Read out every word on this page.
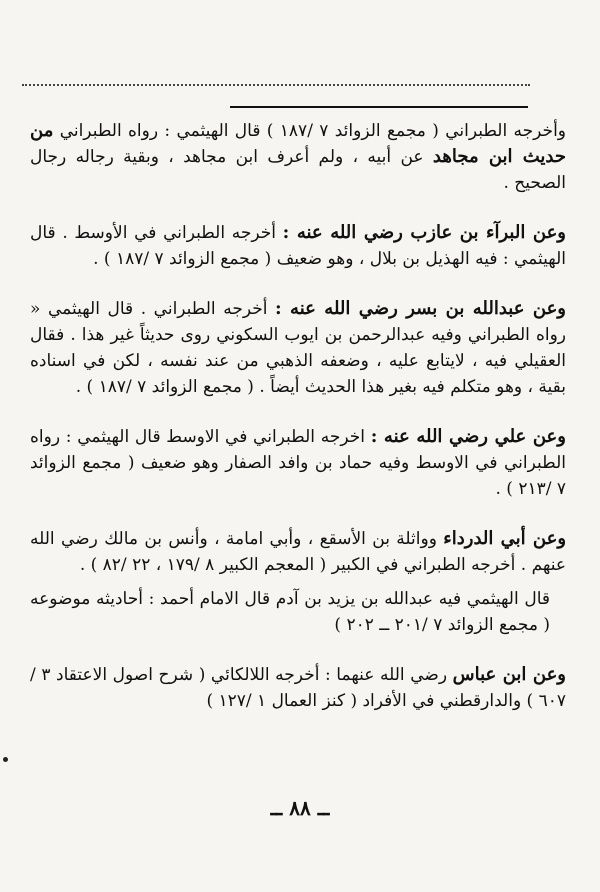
وأخرجه الطبراني ( مجمع الزوائد ٧ /١٨٧ ) قال الهيثمي : رواه الطبراني من حديث ابن مجاهد عن أبيه ، ولم أعرف ابن مجاهد ، وبقية رجاله رجال الصحيح .

وعن البرآء بن عازب رضي الله عنه : أخرجه الطبراني في الأوسط . قال الهيثمي : فيه الهذيل بن بلال ، وهو ضعيف ( مجمع الزوائد ٧ /١٨٧ ) .

وعن عبدالله بن بسر رضي الله عنه : أخرجه الطبراني . قال الهيثمي « رواه الطبراني وفيه عبدالرحمن بن ايوب السكوني روى حديثاً غير هذا . فقال العقيلي فيه ، لايتابع عليه ، وضعفه الذهبي من عند نفسه ، لكن في اسناده بقية ، وهو متكلم فيه بغير هذا الحديث أيضاً . ( مجمع الزوائد ٧ /١٨٧ ) .

وعن علي رضي الله عنه : اخرجه الطبراني في الاوسط قال الهيثمي : رواه الطبراني في الاوسط وفيه حماد بن وافد الصفار وهو ضعيف ( مجمع الزوائد ٧ /٢١٣ ) .

وعن أبي الدرداء وواثلة بن الأسقع ، وأبي امامة ، وأنس بن مالك رضي الله عنهم . أخرجه الطبراني في الكبير ( المعجم الكبير ٨ /١٧٩ ، ٢٢ /٨٢ ) .

قال الهيثمي فيه عبدالله بن يزيد بن آدم قال الامام أحمد : أحاديثه موضوعه ( مجمع الزوائد ٧ /٢٠١ ــ ٢٠٢ )

وعن ابن عباس رضي الله عنهما : أخرجه اللالكائي ( شرح اصول الاعتقاد ٣ /٦٠٧ ) والدارقطني في الأفراد ( كنز العمال ١ /١٢٧ )

ــ ٨٨ ــ
